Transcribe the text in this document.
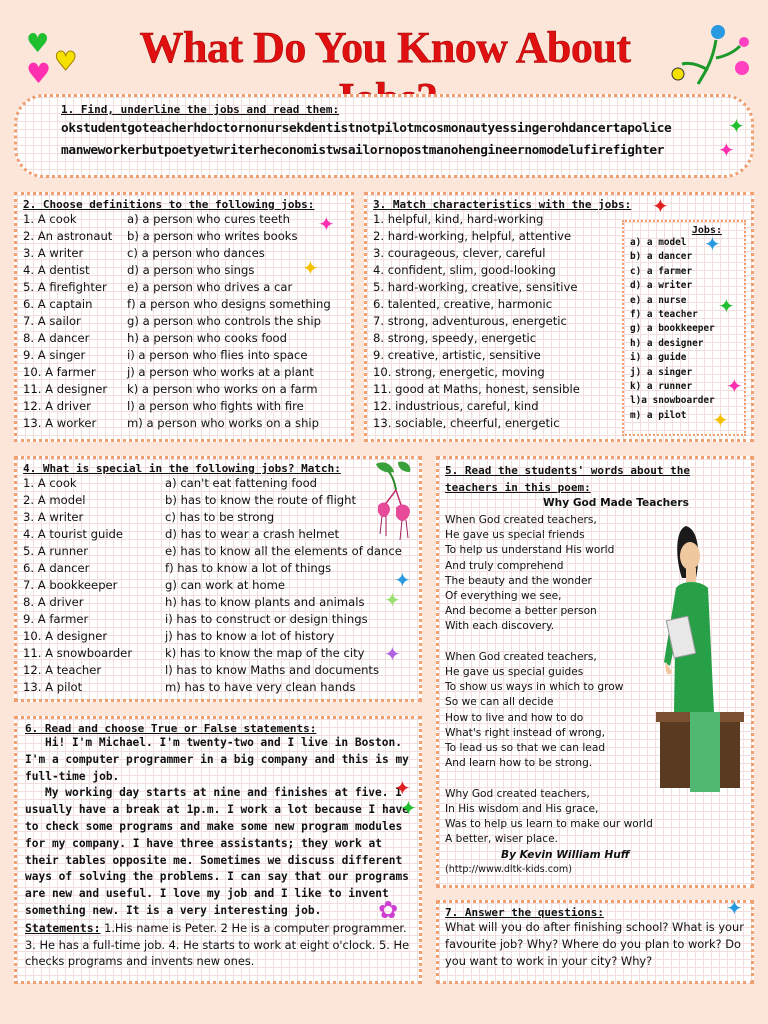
♥
♥
♥
What Do You Know About
1. Find, underline the jobs and read them:
okstudentgoteacherhdoctornonursekdentistnotpilotmcosmonautyessingerohdancertapolice
manweworkerbutpoetyetwriterheconomistwsailornopostmanohengineernomodelufirefighter
✦
✦
2. Choose definitions to the following jobs:
1. A cook
2. An astronaut
3. A writer
4. A dentist
5. A firefighter
6. A captain
7. A sailor
8. A dancer
9. A singer
10. A farmer
11. A designer
12. A driver
13. A worker
a) a person who cures teeth
b) a person who writes books
c) a person who dances
d) a person who sings
e) a person who drives a car
f) a person who designs something
g) a person who controls the ship
h) a person who cooks food
i) a person who flies into space
j) a person who works at a plant
k) a person who works on a farm
l) a person who fights with fire
m) a person who works on a ship
✦
✦
3. Match characteristics with the jobs:
1. helpful, kind, hard-working
2. hard-working, helpful, attentive
3. courageous, clever, careful
4. confident, slim, good-looking
5. hard-working, creative, sensitive
6. talented, creative, harmonic
7. strong, adventurous, energetic
8. strong, speedy, energetic
9. creative, artistic, sensitive
10. strong, energetic, moving
11. good at Maths, honest, sensible
12. industrious, careful, kind
13. sociable, cheerful, energetic
Jobs:
a) a model
b) a dancer
c) a farmer
d) a writer
e) a nurse
f) a teacher
g) a bookkeeper
h) a designer
i) a guide
j) a singer
k) a runner
l)a snowboarder
m) a pilot
✦
✦
✦
✦
✦
4. What is special in the following jobs? Match:
1. A cook
2. A model
3. A writer
4. A tourist guide
5. A runner
6. A dancer
7. A bookkeeper
8. A driver
9. A farmer
10. A designer
11. A snowboarder
12. A teacher
13. A pilot
a) can't eat fattening food
b) has to know the route of flight
c) has to be strong
d) has to wear a crash helmet
e) has to know all the elements of dance
f) has to know a lot of things
g) can work at home
h) has to know plants and animals
i) has to construct or design things
j) has to know a lot of history
k) has to know the map of the city
l) has to know Maths and documents
m) has to have very clean hands
✦
✦
✦
5. Read the students' words about the
teachers in this poem:
Why God Made Teachers
When God created teachers,
He gave us special friends
To help us understand His world
And truly comprehend
The beauty and the wonder
Of everything we see,
And become a better person
With each discovery.
When God created teachers,
He gave us special guides
To show us ways in which to grow
So we can all decide
How to live and how to do
What's right instead of wrong,
To lead us so that we can lead
And learn how to be strong.
Why God created teachers,
In His wisdom and His grace,
Was to help us learn to make our world
A better, wiser place.
By Kevin William Huff
(http://www.dltk-kids.com)
6. Read and choose True or False statements:
Hi! I'm Michael. I'm twenty-two and I live in Boston. I'm a computer programmer in a big company and this is my full-time job.
My working day starts at nine and finishes at five. I usually have a break at 1p.m. I work a lot because I have to check some programs and make some new program modules for my company. I have three assistants; they work at their tables opposite me. Sometimes we discuss different ways of solving the problems. I can say that our programs are new and useful. I love my job and I like to invent something new. It is a very interesting job.
Statements: 1.His name is Peter. 2 He is a computer programmer. 3. He has a full-time job. 4. He starts to work at eight o'clock. 5. He checks programs and invents new ones.
✦
✦
✿	7. Answer the questions:
What will you do after finishing school? What is your favourite job? Why? Where do you plan to work? Do you want to work in your city? Why?
✦
